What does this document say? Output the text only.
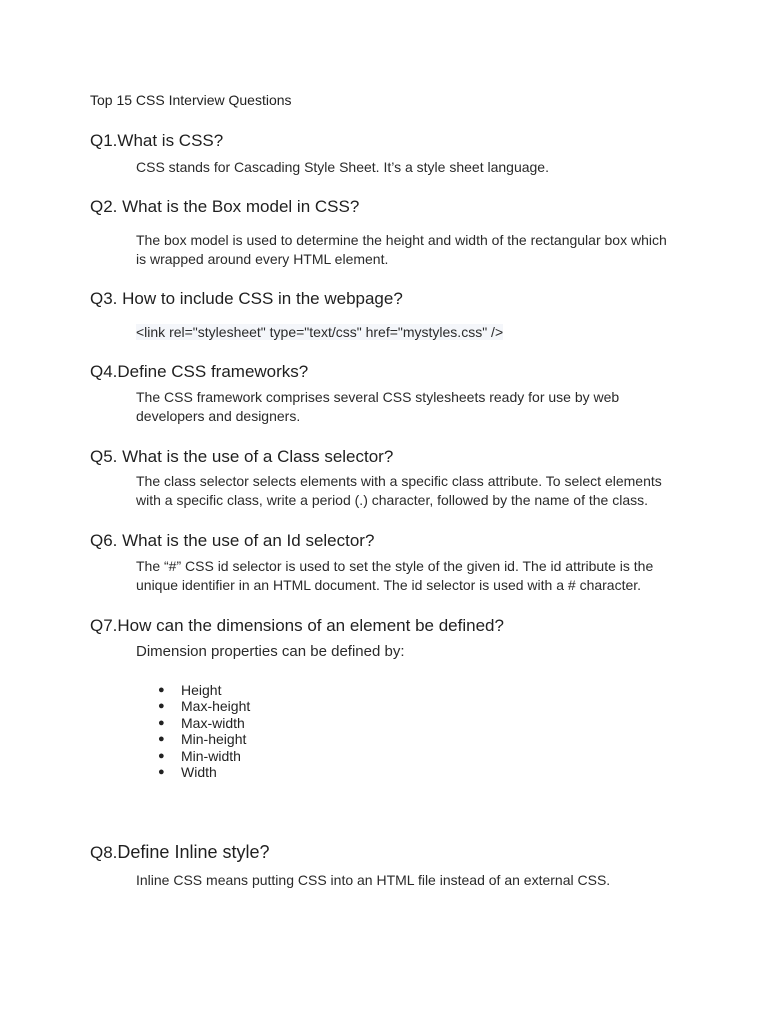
Top 15 CSS Interview Questions
Q1.What is CSS?
CSS stands for Cascading Style Sheet. It’s a style sheet language.
Q2. What is the Box model in CSS?
The box model is used to determine the height and width of the rectangular box which is wrapped around every HTML element.
Q3. How to include CSS in the webpage?
<link rel="stylesheet" type="text/css" href="mystyles.css" />
Q4.Define CSS frameworks?
The CSS framework comprises several CSS stylesheets ready for use by web developers and designers.
Q5. What is the use of a Class selector?
The class selector selects elements with a specific class attribute. To select elements with a specific class, write a period (.) character, followed by the name of the class.
Q6. What is the use of an Id selector?
The “#” CSS id selector is used to set the style of the given id. The id attribute is the unique identifier in an HTML document. The id selector is used with a # character.
Q7.How can the dimensions of an element be defined?
Dimension properties can be defined by:
● Height
● Max-height
● Max-width
● Min-height
● Min-width
● Width
Q8.Define Inline style?
Inline CSS means putting CSS into an HTML file instead of an external CSS.
